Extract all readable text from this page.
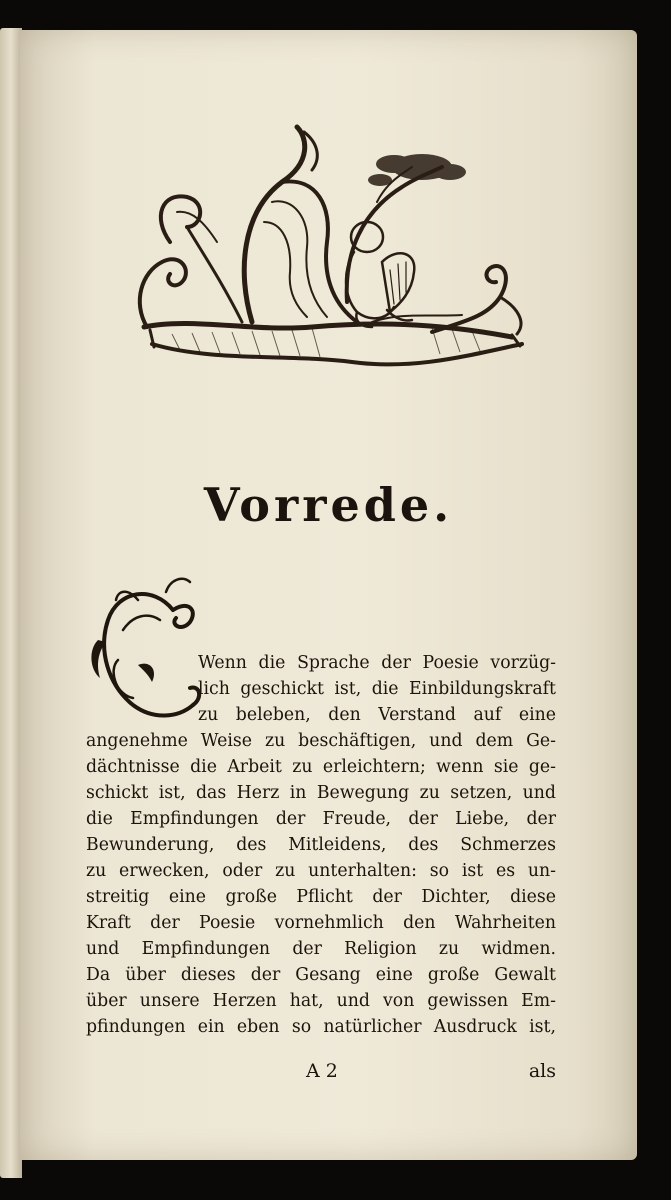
Vorrede.
Wenn die Sprache der Poesie vorzüg-
lich geschickt ist, die Einbildungskraft
zu beleben, den Verstand auf eine
angenehme Weise zu beschäftigen, und dem Ge-
dächtnisse die Arbeit zu erleichtern; wenn sie ge-
schickt ist, das Herz in Bewegung zu setzen, und
die Empfindungen der Freude, der Liebe, der
Bewunderung, des Mitleidens, des Schmerzes
zu erwecken, oder zu unterhalten: so ist es un-
streitig eine große Pflicht der Dichter, diese
Kraft der Poesie vornehmlich den Wahrheiten
und Empfindungen der Religion zu widmen.
Da über dieses der Gesang eine große Gewalt
über unsere Herzen hat, und von gewissen Em-
pfindungen ein eben so natürlicher Ausdruck ist,
A 2	als
